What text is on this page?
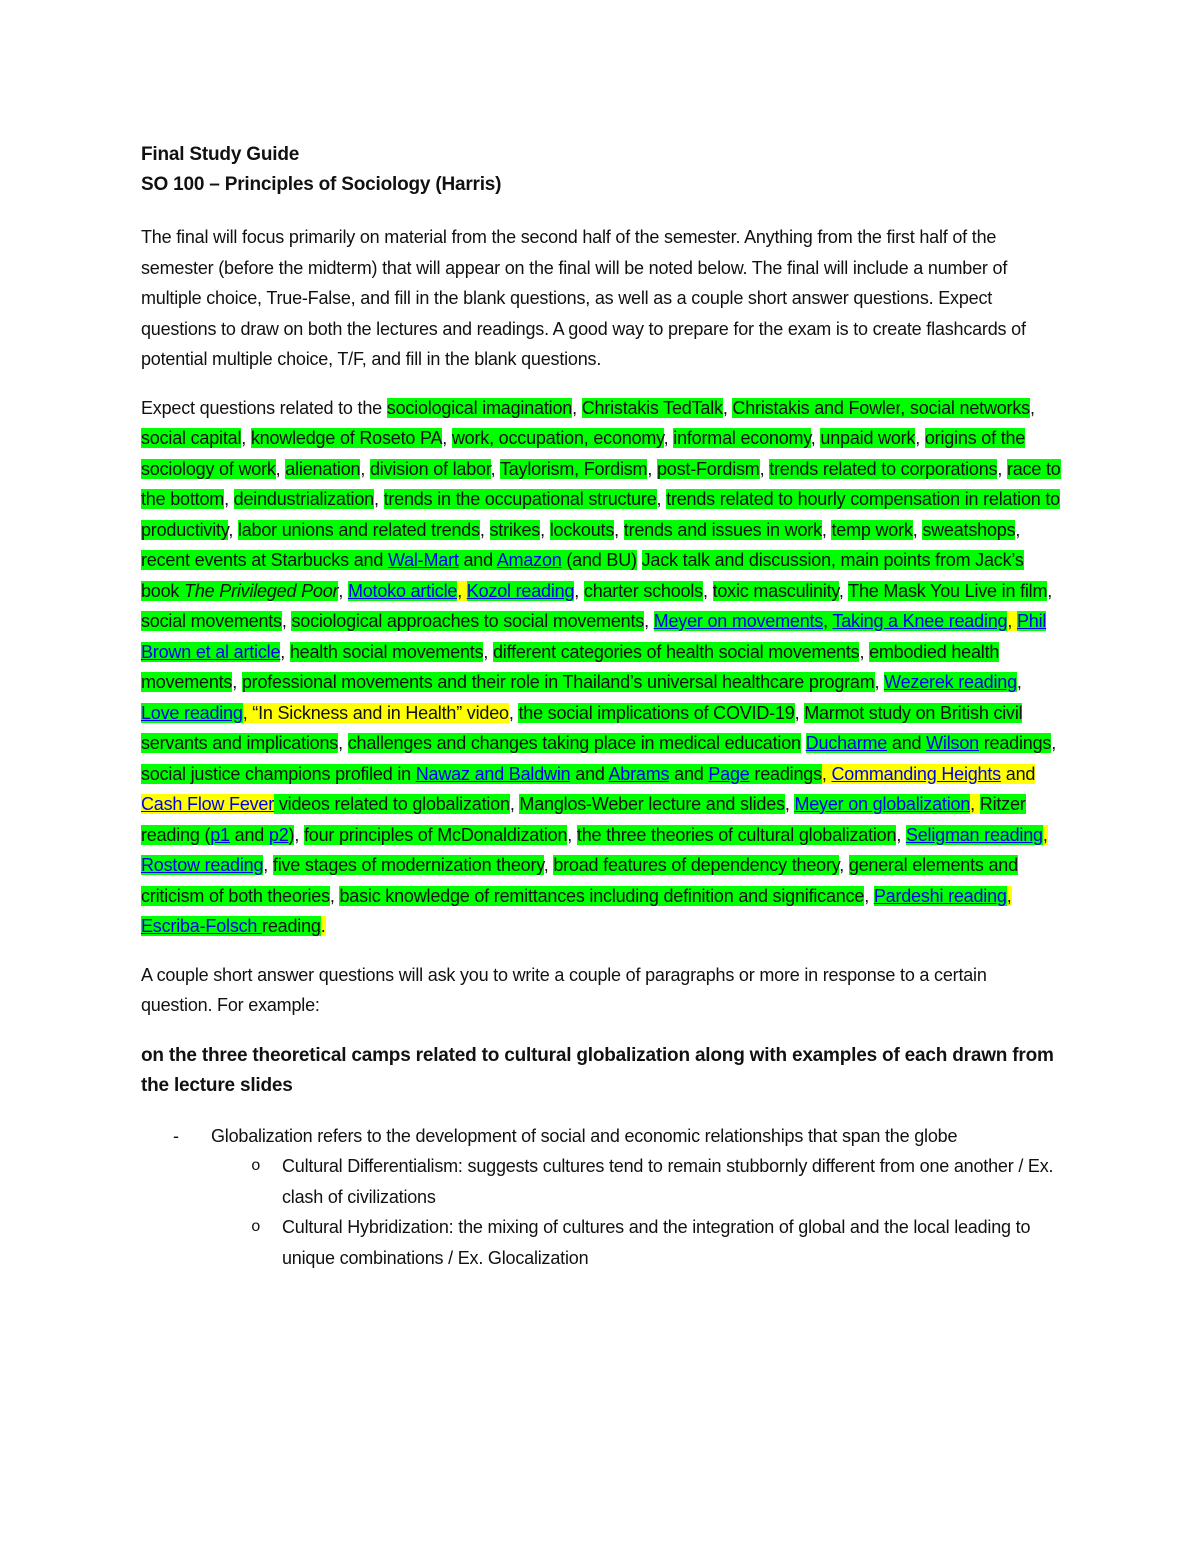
Final Study Guide

SO 100 – Principles of Sociology (Harris)

The final will focus primarily on material from the second half of the semester. Anything from the first half of the semester (before the midterm) that will appear on the final will be noted below. The final will include a number of multiple choice, True-False, and fill in the blank questions, as well as a couple short answer questions. Expect questions to draw on both the lectures and readings. A good way to prepare for the exam is to create flashcards of potential multiple choice, T/F, and fill in the blank questions.

Expect questions related to the sociological imagination, Christakis TedTalk, Christakis and Fowler, social networks, social capital, knowledge of Roseto PA, work, occupation, economy, informal economy, unpaid work, origins of the sociology of work, alienation, division of labor, Taylorism, Fordism, post-Fordism, trends related to corporations, race to the bottom, deindustrialization, trends in the occupational structure, trends related to hourly compensation in relation to productivity, labor unions and related trends, strikes, lockouts, trends and issues in work, temp work, sweatshops, recent events at Starbucks and Wal-Mart and Amazon (and BU) Jack talk and discussion, main points from Jack’s book The Privileged Poor, Motoko article, Kozol reading, charter schools, toxic masculinity, The Mask You Live in film, social movements, sociological approaches to social movements, Meyer on movements, Taking a Knee reading, Phil Brown et al article, health social movements, different categories of health social movements, embodied health movements, professional movements and their role in Thailand’s universal healthcare program, Wezerek reading, Love reading, “In Sickness and in Health” video, the social implications of COVID-19, Marmot study on British civil servants and implications, challenges and changes taking place in medical education Ducharme and Wilson readings, social justice champions profiled in Nawaz and Baldwin and Abrams and Page readings, Commanding Heights and Cash Flow Fever videos related to globalization, Manglos-Weber lecture and slides, Meyer on globalization, Ritzer reading (p1 and p2), four principles of McDonaldization, the three theories of cultural globalization, Seligman reading, Rostow reading, five stages of modernization theory, broad features of dependency theory, general elements and criticism of both theories, basic knowledge of remittances including definition and significance, Pardeshi reading, Escriba-Folsch reading.

A couple short answer questions will ask you to write a couple of paragraphs or more in response to a certain question. For example:

on the three theoretical camps related to cultural globalization along with examples of each drawn from the lecture slides

- Globalization refers to the development of social and economic relationships that span the globe
o Cultural Differentialism: suggests cultures tend to remain stubbornly different from one another / Ex. clash of civilizations
o Cultural Hybridization: the mixing of cultures and the integration of global and the local leading to unique combinations / Ex. Glocalization
